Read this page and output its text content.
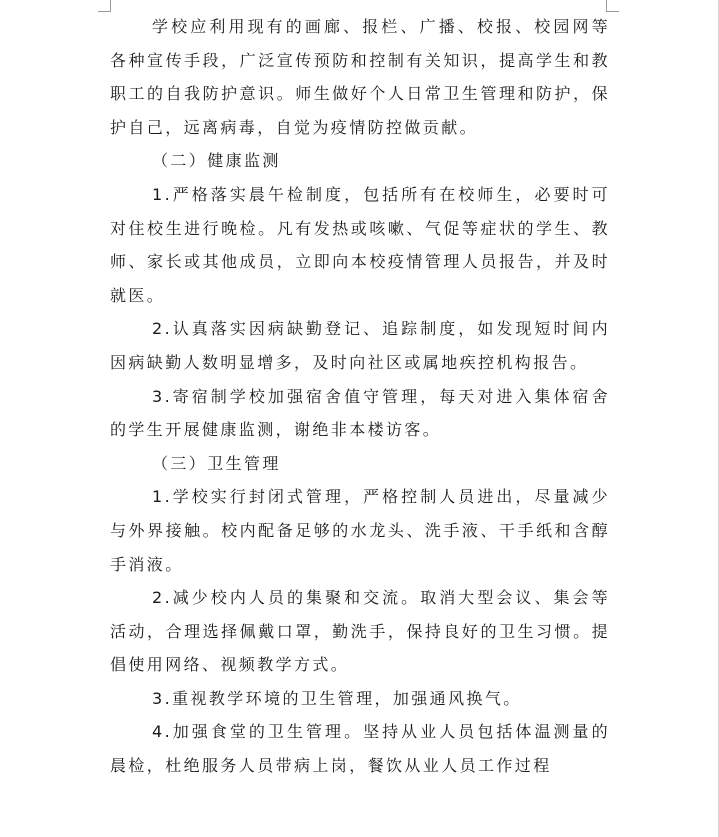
学校应利用现有的画廊、报栏、广播、校报、校园网等各种宣传手段，广泛宣传预防和控制有关知识，提高学生和教职工的自我防护意识。师生做好个人日常卫生管理和防护，保护自己，远离病毒，自觉为疫情防控做贡献。

（二）健康监测

1.严格落实晨午检制度，包括所有在校师生，必要时可对住校生进行晚检。凡有发热或咳嗽、气促等症状的学生、教师、家长或其他成员，立即向本校疫情管理人员报告，并及时就医。

2.认真落实因病缺勤登记、追踪制度，如发现短时间内因病缺勤人数明显增多，及时向社区或属地疾控机构报告。

3.寄宿制学校加强宿舍值守管理，每天对进入集体宿舍的学生开展健康监测，谢绝非本楼访客。

（三）卫生管理

1.学校实行封闭式管理，严格控制人员进出，尽量减少与外界接触。校内配备足够的水龙头、洗手液、干手纸和含醇手消液。

2.减少校内人员的集聚和交流。取消大型会议、集会等活动，合理选择佩戴口罩，勤洗手，保持良好的卫生习惯。提倡使用网络、视频教学方式。

3.重视教学环境的卫生管理，加强通风换气。

4.加强食堂的卫生管理。坚持从业人员包括体温测量的晨检，杜绝服务人员带病上岗，餐饮从业人员工作过程
